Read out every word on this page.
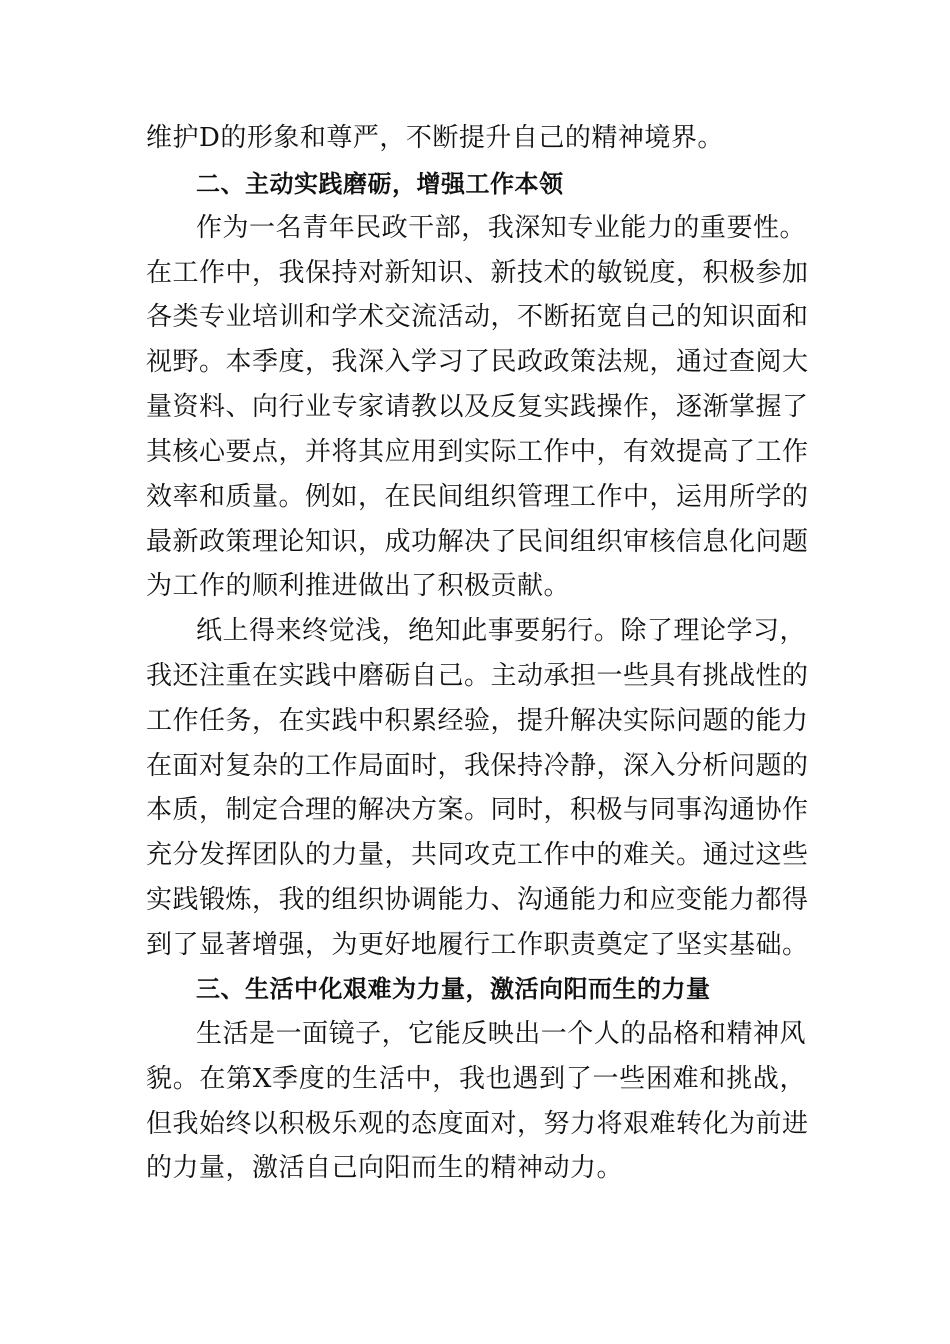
维护D的形象和尊严，不断提升自己的精神境界。
二、主动实践磨砺，增强工作本领
作为一名青年民政干部，我深知专业能力的重要性。
在工作中，我保持对新知识、新技术的敏锐度，积极参加
各类专业培训和学术交流活动，不断拓宽自己的知识面和
视野。本季度，我深入学习了民政政策法规，通过查阅大
量资料、向行业专家请教以及反复实践操作，逐渐掌握了
其核心要点，并将其应用到实际工作中，有效提高了工作
效率和质量。例如，在民间组织管理工作中，运用所学的
最新政策理论知识，成功解决了民间组织审核信息化问题
为工作的顺利推进做出了积极贡献。
纸上得来终觉浅，绝知此事要躬行。除了理论学习，
我还注重在实践中磨砺自己。主动承担一些具有挑战性的
工作任务，在实践中积累经验，提升解决实际问题的能力
在面对复杂的工作局面时，我保持冷静，深入分析问题的
本质，制定合理的解决方案。同时，积极与同事沟通协作
充分发挥团队的力量，共同攻克工作中的难关。通过这些
实践锻炼，我的组织协调能力、沟通能力和应变能力都得
到了显著增强，为更好地履行工作职责奠定了坚实基础。
三、生活中化艰难为力量，激活向阳而生的力量
生活是一面镜子，它能反映出一个人的品格和精神风
貌。在第X季度的生活中，我也遇到了一些困难和挑战，
但我始终以积极乐观的态度面对，努力将艰难转化为前进
的力量，激活自己向阳而生的精神动力。
